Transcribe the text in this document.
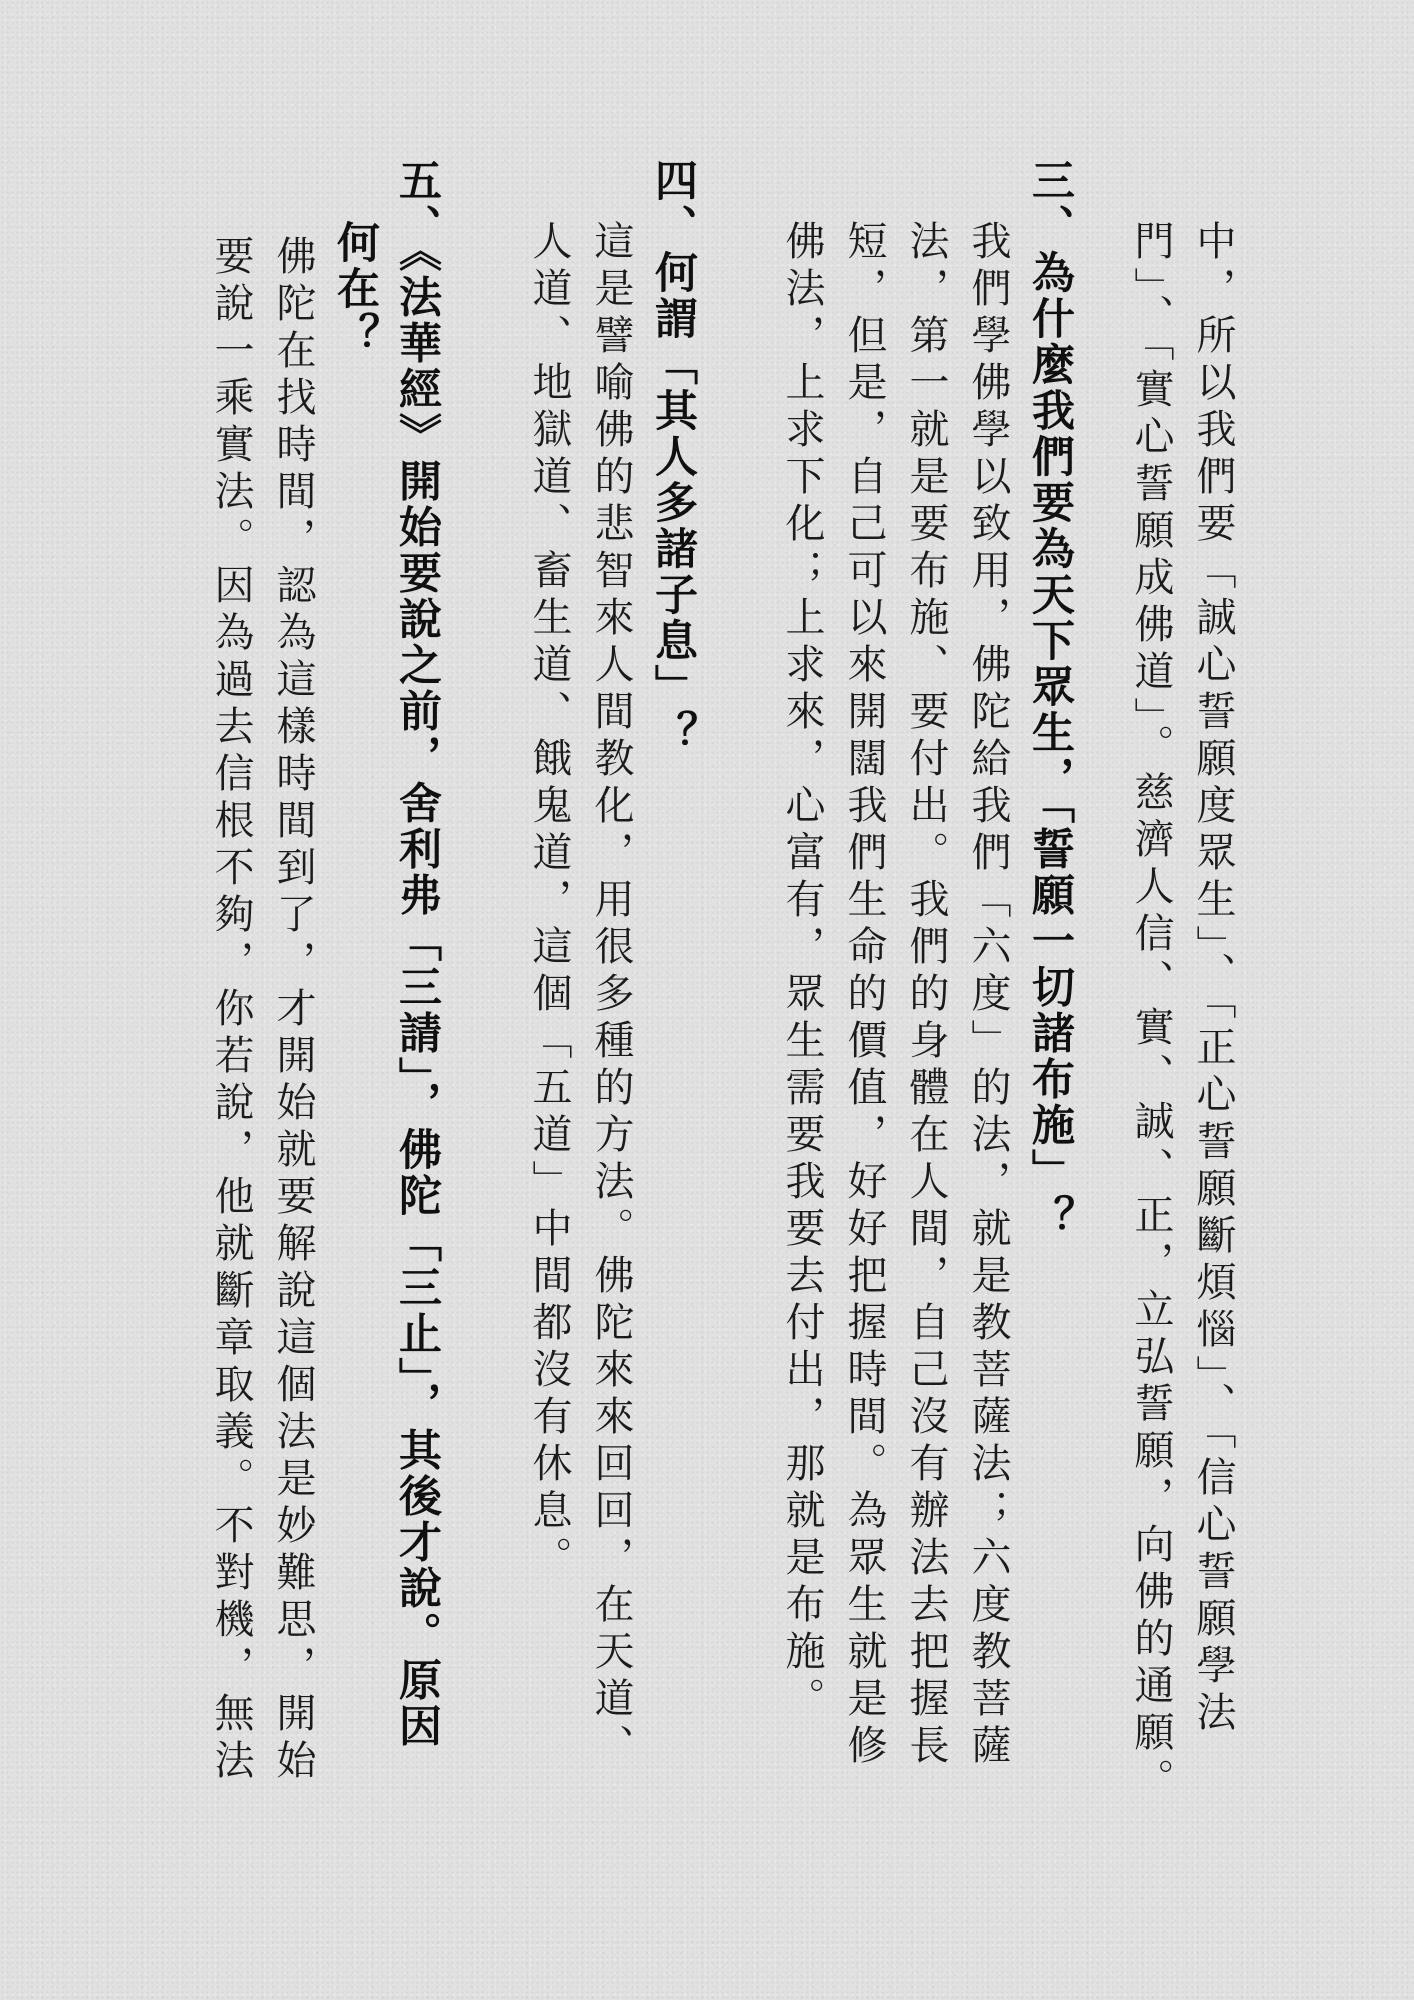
中，所以我們要「誠心誓願度眾生」、「正心誓願斷煩惱」、「信心誓願學法
門」、「實心誓願成佛道」。慈濟人信、實、誠、正，立弘誓願，向佛的通願。
三、為什麼我們要為天下眾生，「誓願一切諸布施」？
我們學佛學以致用，佛陀給我們「六度」的法，就是教菩薩法；六度教菩薩
法，第一就是要布施、要付出。我們的身體在人間，自己沒有辦法去把握長
短，但是，自己可以來開闊我們生命的價值，好好把握時間。為眾生就是修
佛法，上求下化；上求來，心富有，眾生需要我要去付出，那就是布施。
四、何謂「其人多諸子息」？
這是譬喻佛的悲智來人間教化，用很多種的方法。佛陀來來回回，在天道、
人道、地獄道、畜生道、餓鬼道，這個「五道」中間都沒有休息。
五、《法華經》開始要說之前，舍利弗「三請」，佛陀「三止」，其後才說。原因
何在？
佛陀在找時間，認為這樣時間到了，才開始就要解說這個法是妙難思，開始
要說一乘實法。因為過去信根不夠，你若說，他就斷章取義。不對機，無法
